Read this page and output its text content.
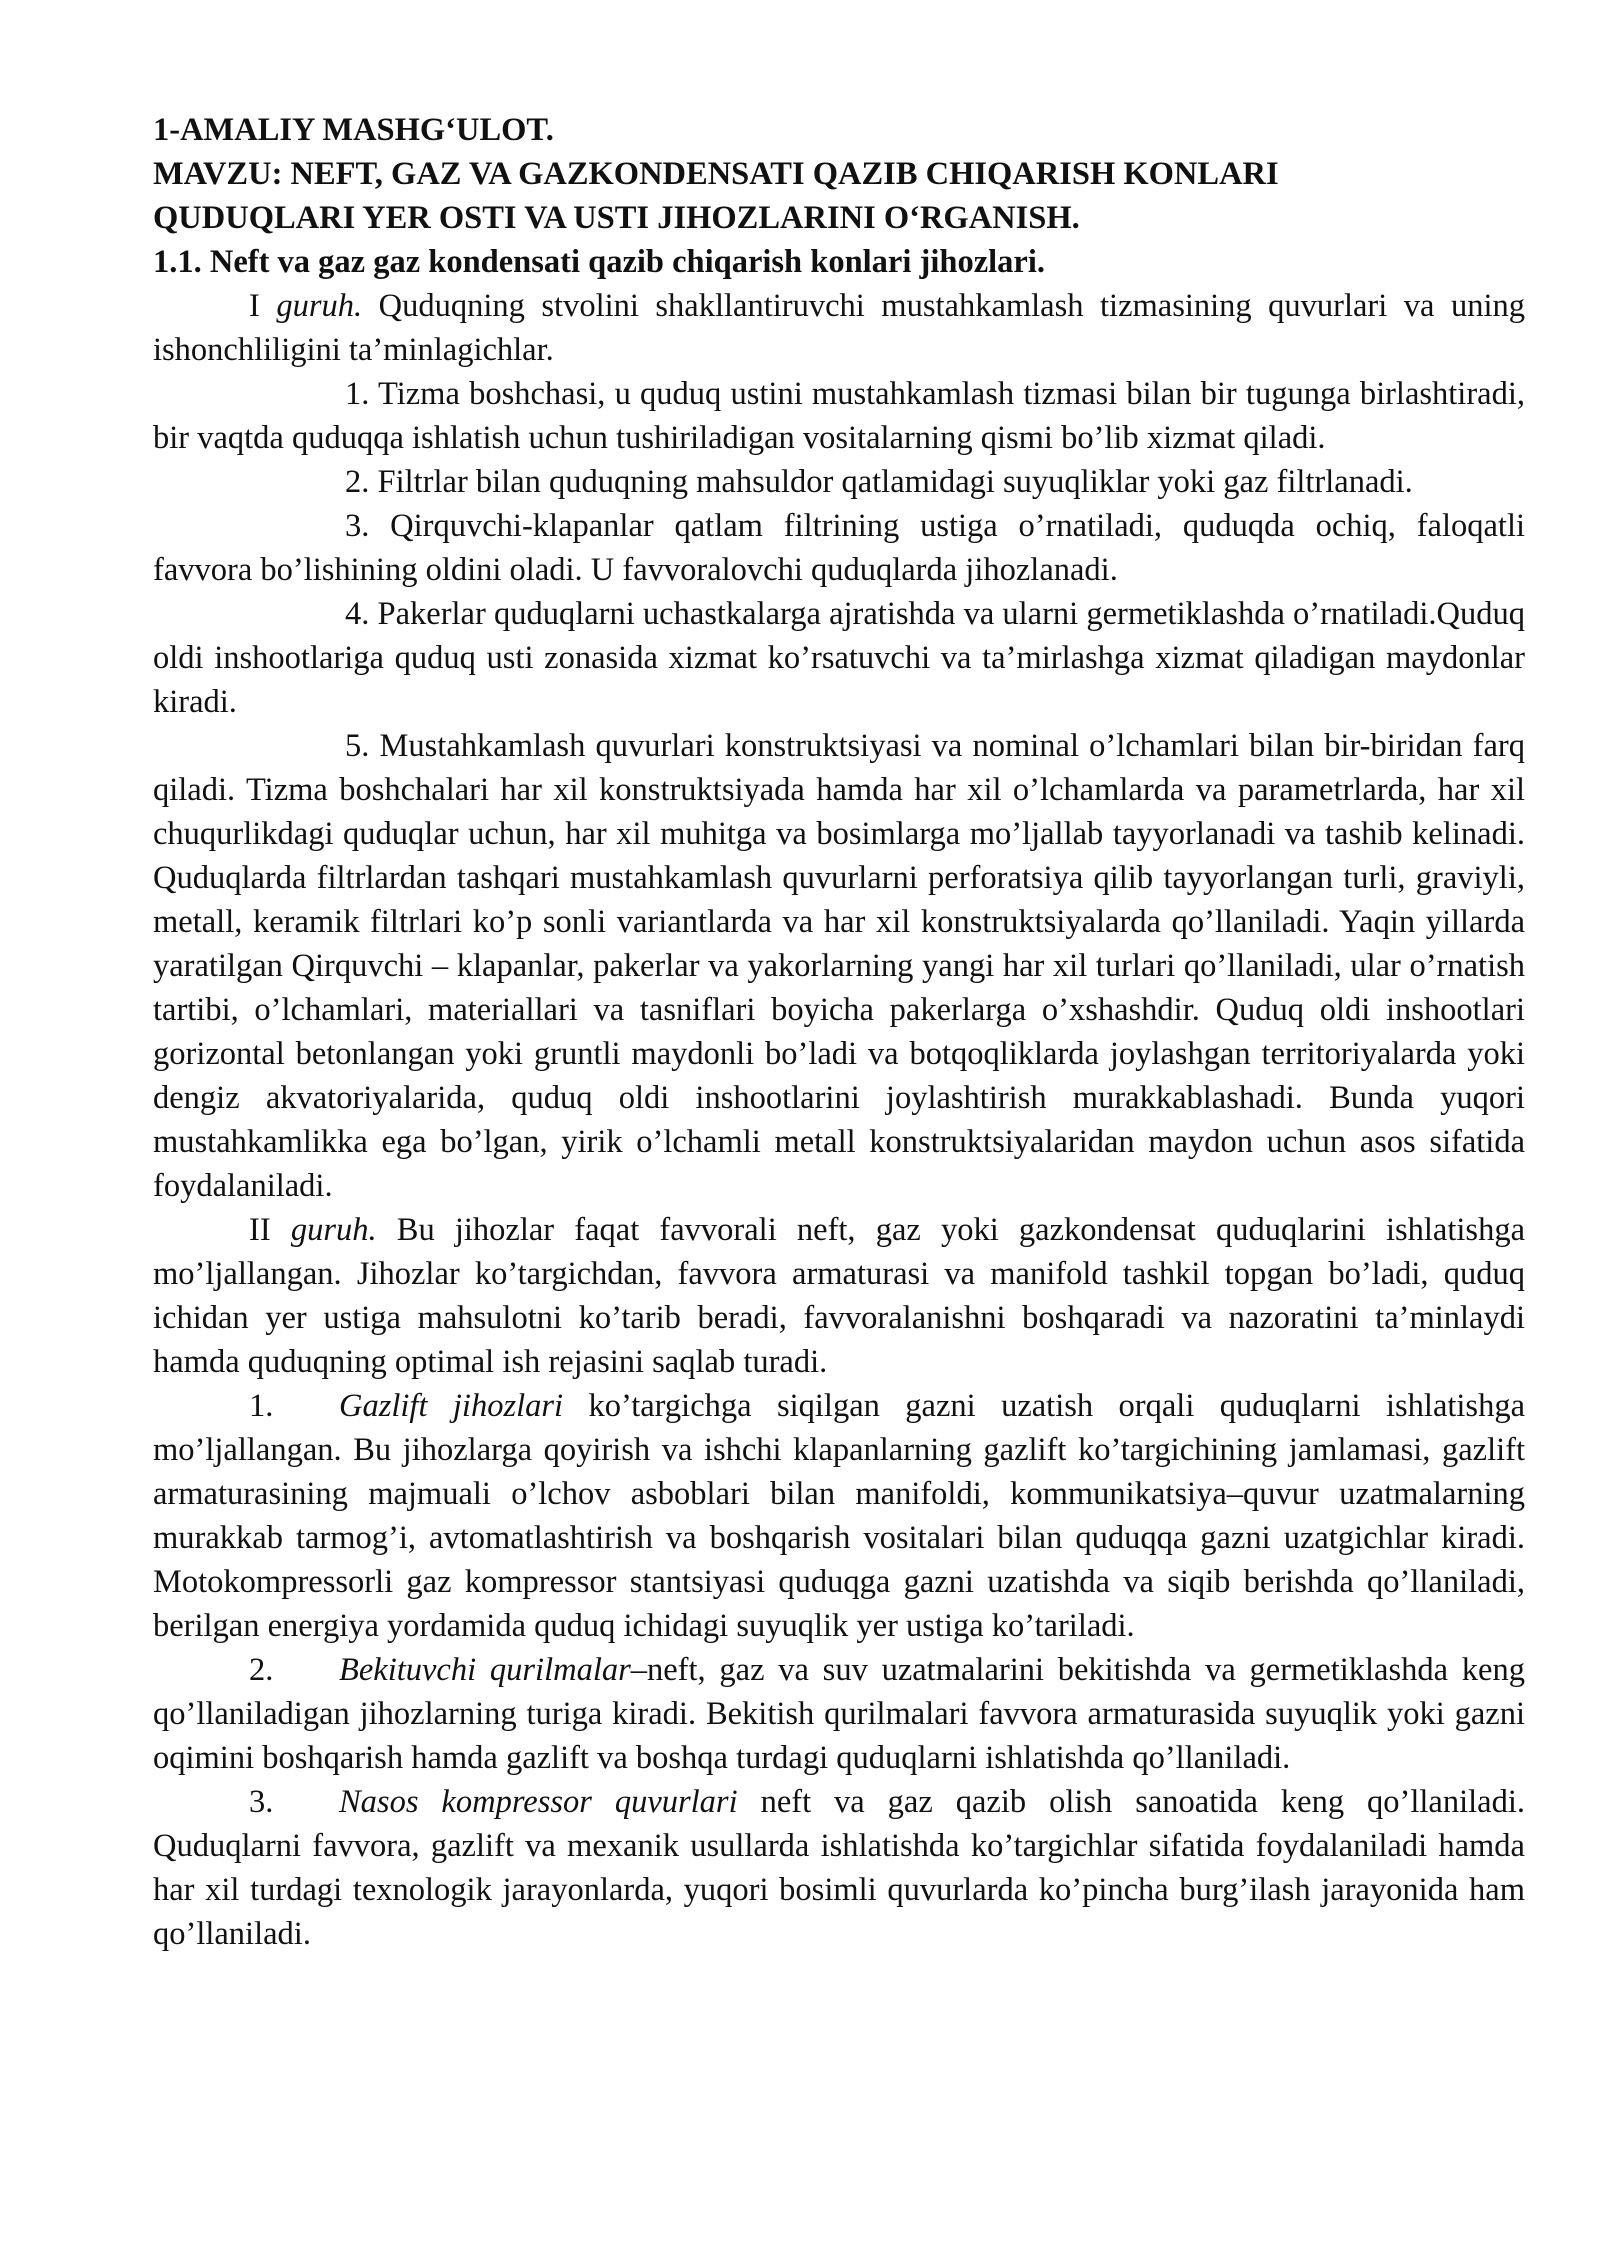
1-AMALIY MASHG‘ULOT.

MAVZU: NEFT, GAZ VA GAZKONDENSATI QAZIB CHIQARISH KONLARI

QUDUQLARI YER OSTI VA USTI JIHOZLARINI O‘RGANISH.

1.1. Neft va gaz gaz kondensati qazib chiqarish konlari jihozlari.

I guruh. Quduqning stvolini shakllantiruvchi mustahkamlash tizmasining quvurlari va uning ishonchliligini ta’minlagichlar.

1. Tizma boshchasi, u quduq ustini mustahkamlash tizmasi bilan bir tugunga birlashtiradi, bir vaqtda quduqqa ishlatish uchun tushiriladigan vositalarning qismi bo’lib xizmat qiladi.

2. Filtrlar bilan quduqning mahsuldor qatlamidagi suyuqliklar yoki gaz filtrlanadi.

3. Qirquvchi-klapanlar qatlam filtrining ustiga o’rnatiladi, quduqda ochiq, faloqatli favvora bo’lishining oldini oladi. U favvoralovchi quduqlarda jihozlanadi.

4. Pakerlar quduqlarni uchastkalarga ajratishda va ularni germetiklashda o’rnatiladi.Quduq oldi inshootlariga quduq usti zonasida xizmat ko’rsatuvchi va ta’mirlashga xizmat qiladigan maydonlar kiradi.

5. Mustahkamlash quvurlari konstruktsiyasi va nominal o’lchamlari bilan bir-biridan farq qiladi. Tizma boshchalari har xil konstruktsiyada hamda har xil o’lchamlarda va parametrlarda, har xil chuqurlikdagi quduqlar uchun, har xil muhitga va bosimlarga mo’ljallab tayyorlanadi va tashib kelinadi. Quduqlarda filtrlardan tashqari mustahkamlash quvurlarni perforatsiya qilib tayyorlangan turli, graviyli, metall, keramik filtrlari ko’p sonli variantlarda va har xil konstruktsiyalarda qo’llaniladi. Yaqin yillarda yaratilgan Qirquvchi – klapanlar, pakerlar va yakorlarning yangi har xil turlari qo’llaniladi, ular o’rnatish tartibi, o’lchamlari, materiallari va tasniflari boyicha pakerlarga o’xshashdir. Quduq oldi inshootlari gorizontal betonlangan yoki gruntli maydonli bo’ladi va botqoqliklarda joylashgan territoriyalarda yoki dengiz akvatoriyalarida, quduq oldi inshootlarini joylashtirish murakkablashadi. Bunda yuqori mustahkamlikka ega bo’lgan, yirik o’lchamli metall konstruktsiyalaridan maydon uchun asos sifatida foydalaniladi.

II guruh. Bu jihozlar faqat favvorali neft, gaz yoki gazkondensat quduqlarini ishlatishga mo’ljallangan. Jihozlar ko’targichdan, favvora armaturasi va manifold tashkil topgan bo’ladi, quduq ichidan yer ustiga mahsulotni ko’tarib beradi, favvoralanishni boshqaradi va nazoratini ta’minlaydi hamda quduqning optimal ish rejasini saqlab turadi.

1. Gazlift jihozlari ko’targichga siqilgan gazni uzatish orqali quduqlarni ishlatishga mo’ljallangan. Bu jihozlarga qoyirish va ishchi klapanlarning gazlift ko’targichining jamlamasi, gazlift armaturasining majmuali o’lchov asboblari bilan manifoldi, kommunikatsiya–quvur uzatmalarning murakkab tarmog’i, avtomatlashtirish va boshqarish vositalari bilan quduqqa gazni uzatgichlar kiradi. Motokompressorli gaz kompressor stantsiyasi quduqga gazni uzatishda va siqib berishda qo’llaniladi, berilgan energiya yordamida quduq ichidagi suyuqlik yer ustiga ko’tariladi.

2. Bekituvchi qurilmalar–neft, gaz va suv uzatmalarini bekitishda va germetiklashda keng qo’llaniladigan jihozlarning turiga kiradi. Bekitish qurilmalari favvora armaturasida suyuqlik yoki gazni oqimini boshqarish hamda gazlift va boshqa turdagi quduqlarni ishlatishda qo’llaniladi.

3. Nasos kompressor quvurlari neft va gaz qazib olish sanoatida keng qo’llaniladi. Quduqlarni favvora, gazlift va mexanik usullarda ishlatishda ko’targichlar sifatida foydalaniladi hamda har xil turdagi texnologik jarayonlarda, yuqori bosimli quvurlarda ko’pincha burg’ilash jarayonida ham qo’llaniladi.
